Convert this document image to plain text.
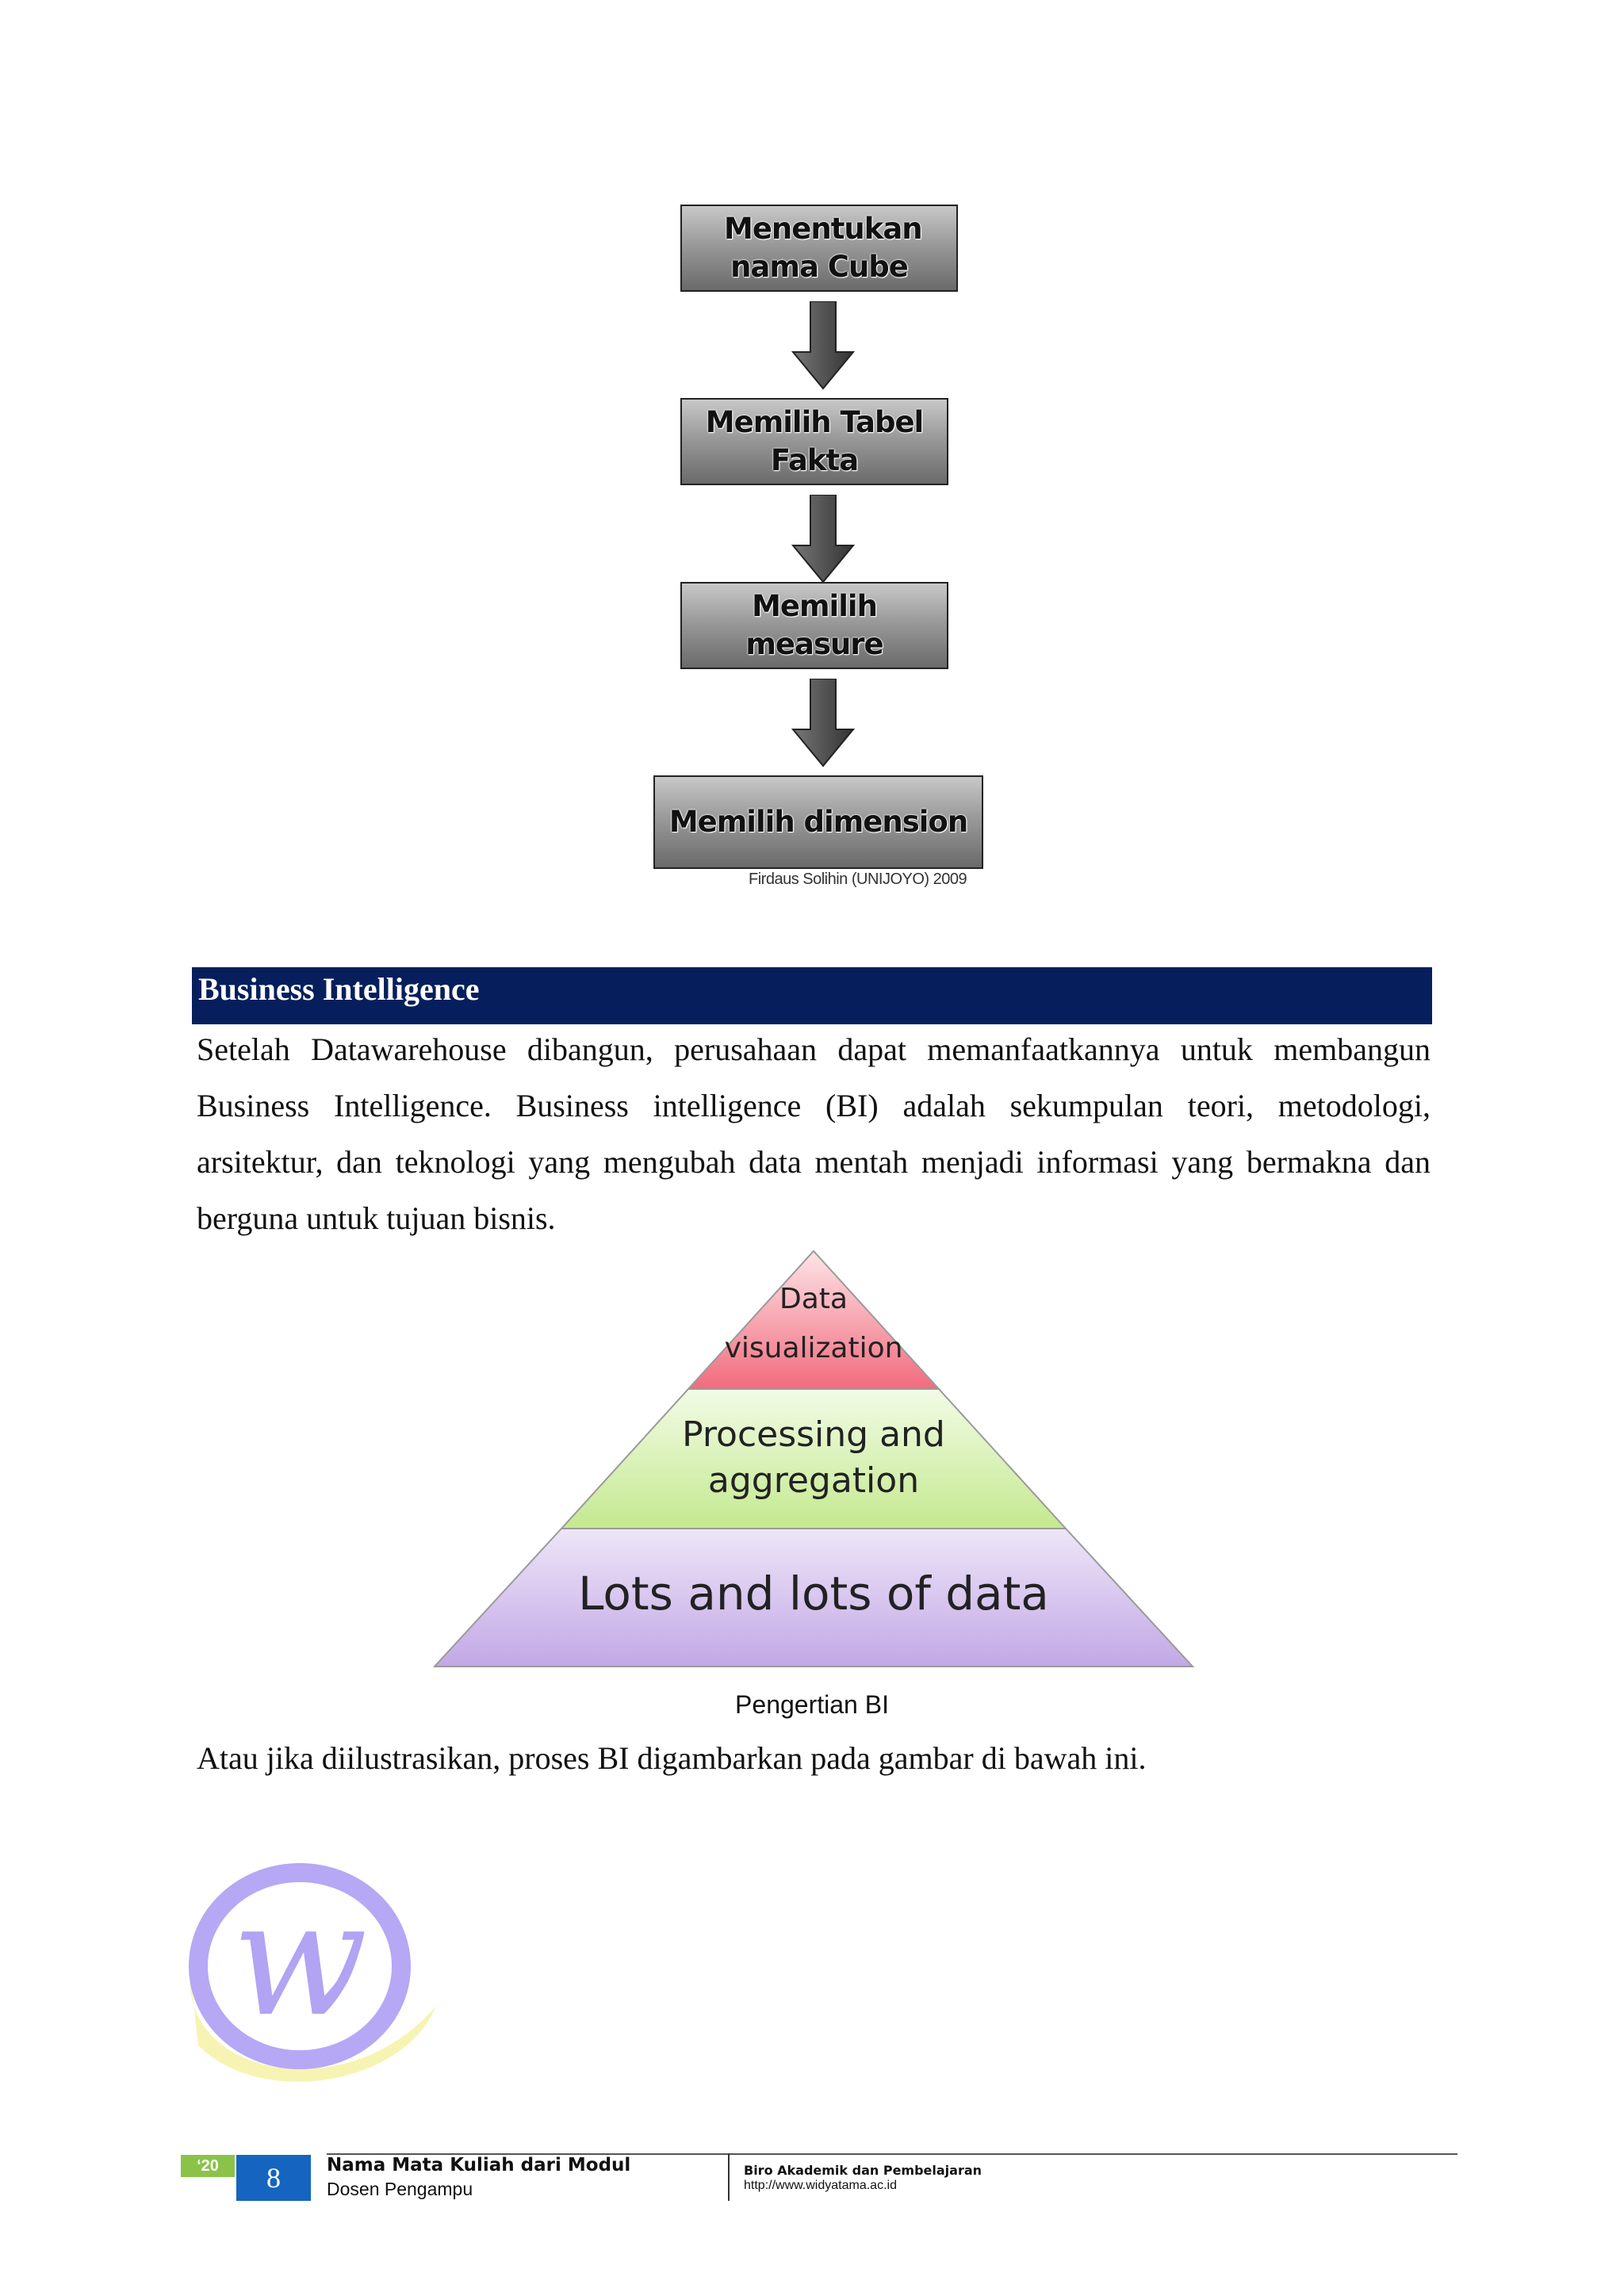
Menentukan nama Cube
Memilih Tabel Fakta
Memilih measure
Memilih dimension
Firdaus Solihin (UNIJOYO) 2009
Business Intelligence
Setelah Datawarehouse dibangun, perusahaan dapat memanfaatkannya untuk membangun Business Intelligence. Business intelligence (BI) adalah sekumpulan teori, metodologi, arsitektur, dan teknologi yang mengubah data mentah menjadi informasi yang bermakna dan berguna untuk tujuan bisnis.
Data
visualization
Processing and
aggregation
Lots and lots of data
Pengertian BI
Atau jika diilustrasikan, proses BI digambarkan pada gambar di bawah ini.
w
‘20	8	Nama Mata Kuliah dari Modul
Dosen Pengampu
Biro Akademik dan Pembelajaran
http://www.widyatama.ac.id
